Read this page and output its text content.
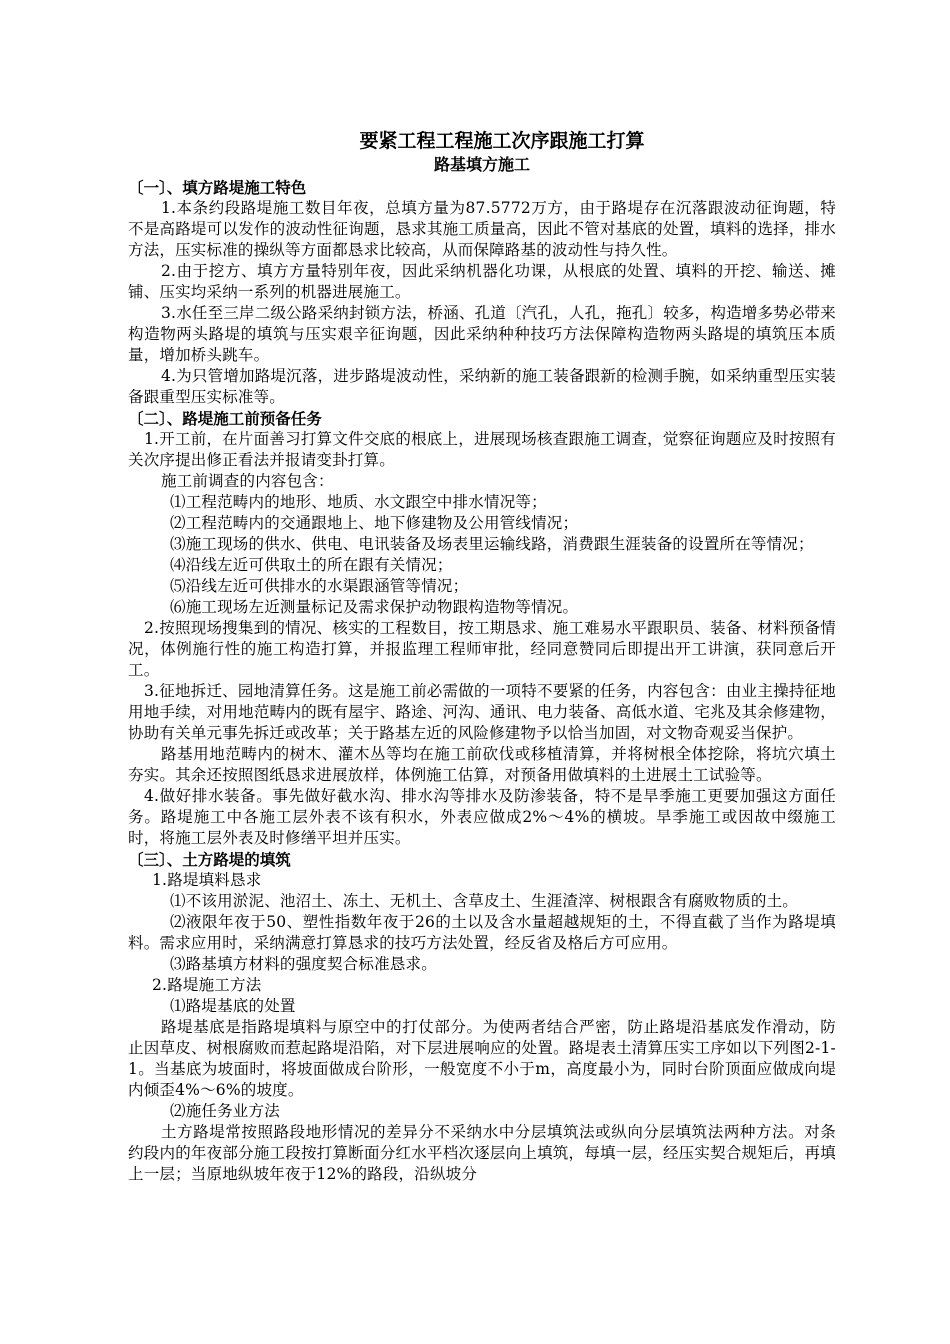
要紧工程工程施工次序跟施工打算
路基填方施工
〔一〕、填方路堤施工特色
1.本条约段路堤施工数目年夜，总填方量为87.5772万方，由于路堤存在沉落跟波动征询题，特不是高路堤可以发作的波动性征询题，恳求其施工质量高，因此不管对基底的处置，填料的选择，排水方法，压实标准的操纵等方面都恳求比较高，从而保障路基的波动性与持久性。
2.由于挖方、填方方量特别年夜，因此采纳机器化功课，从根底的处置、填料的开挖、输送、摊铺、压实均采纳一系列的机器进展施工。
3.水任至三岸二级公路采纳封锁方法，桥涵、孔道〔汽孔，人孔，拖孔〕较多，构造增多势必带来构造物两头路堤的填筑与压实艰辛征询题，因此采纳种种技巧方法保障构造物两头路堤的填筑压本质量，增加桥头跳车。
4.为只管增加路堤沉落，进步路堤波动性，采纳新的施工装备跟新的检测手腕，如采纳重型压实装备跟重型压实标准等。
〔二〕、路堤施工前预备任务
1.开工前，在片面善习打算文件交底的根底上，进展现场核查跟施工调查，觉察征询题应及时按照有关次序提出修正看法并报请变卦打算。
施工前调查的内容包含：
⑴工程范畴内的地形、地质、水文跟空中排水情况等；
⑵工程范畴内的交通跟地上、地下修建物及公用管线情况；
⑶施工现场的供水、供电、电讯装备及场表里运输线路，消费跟生涯装备的设置所在等情况；
⑷沿线左近可供取土的所在跟有关情况；
⑸沿线左近可供排水的水渠跟涵管等情况；
⑹施工现场左近测量标记及需求保护动物跟构造物等情况。
2.按照现场搜集到的情况、核实的工程数目，按工期恳求、施工难易水平跟职员、装备、材料预备情况，体例施行性的施工构造打算，并报监理工程师审批，经同意赞同后即提出开工讲演，获同意后开工。
3.征地拆迁、园地清算任务。这是施工前必需做的一项特不要紧的任务，内容包含：由业主操持征地用地手续，对用地范畴内的既有屋宇、路途、河沟、通讯、电力装备、高低水道、宅兆及其余修建物，协助有关单元事先拆迁或改革；关于路基左近的风险修建物予以恰当加固，对文物奇观妥当保护。
路基用地范畴内的树木、灌木丛等均在施工前砍伐或移植清算，并将树根全体挖除，将坑穴填土夯实。其余还按照图纸恳求进展放样，体例施工估算，对预备用做填料的土进展土工试验等。
4.做好排水装备。事先做好截水沟、排水沟等排水及防渗装备，特不是旱季施工更要加强这方面任务。路堤施工中各施工层外表不该有积水，外表应做成2%～4%的横坡。旱季施工或因故中缀施工时，将施工层外表及时修缮平坦并压实。
〔三〕、土方路堤的填筑
1.路堤填料恳求
⑴不该用淤泥、池沼土、冻土、无机土、含草皮土、生涯渣滓、树根跟含有腐败物质的土。
⑵液限年夜于50、塑性指数年夜于26的土以及含水量超越规矩的土，不得直截了当作为路堤填料。需求应用时，采纳满意打算恳求的技巧方法处置，经反省及格后方可应用。
⑶路基填方材料的强度契合标准恳求。
2.路堤施工方法
⑴路堤基底的处置
路堤基底是指路堤填料与原空中的打仗部分。为使两者结合严密，防止路堤沿基底发作滑动，防止因草皮、树根腐败而惹起路堤沿陷，对下层进展响应的处置。路堤表土清算压实工序如以下列图2-1-1。当基底为坡面时，将坡面做成台阶形，一般宽度不小于m，高度最小为，同时台阶顶面应做成向堤内倾歪4%～6%的坡度。
⑵施任务业方法
土方路堤常按照路段地形情况的差异分不采纳水中分层填筑法或纵向分层填筑法两种方法。对条约段内的年夜部分施工段按打算断面分红水平档次逐层向上填筑，每填一层，经压实契合规矩后，再填上一层；当原地纵坡年夜于12%的路段，沿纵坡分
